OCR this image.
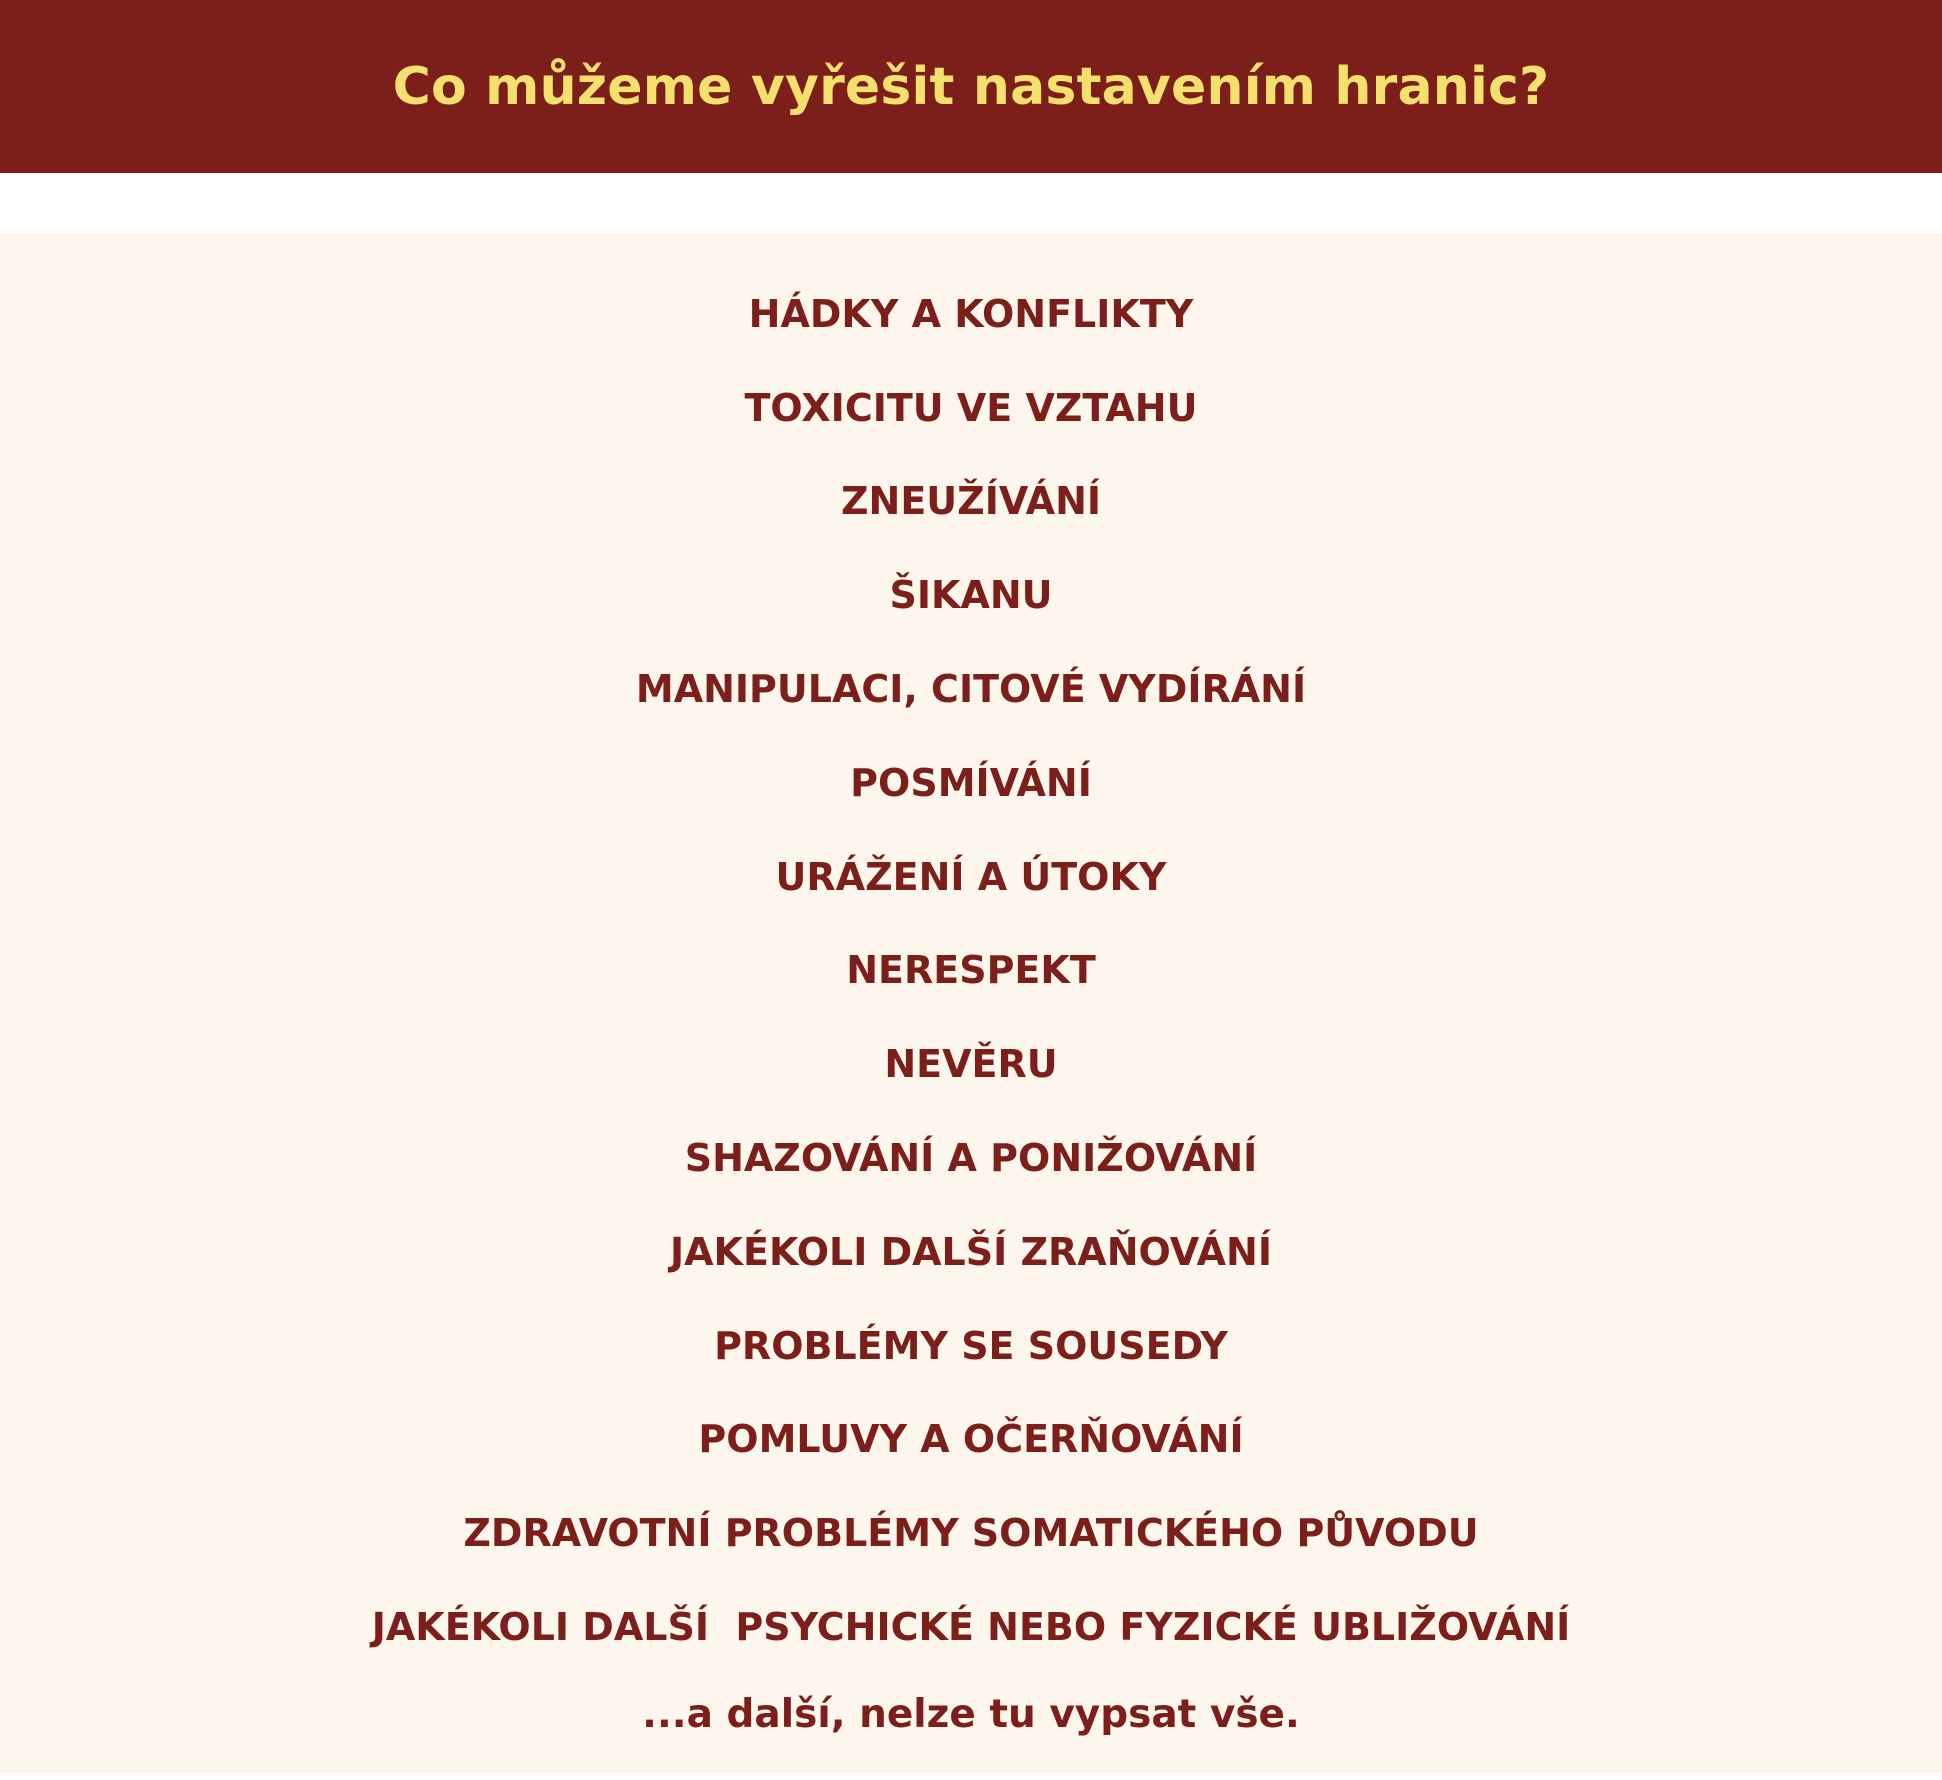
Co můžeme vyřešit nastavením hranic?
HÁDKY A KONFLIKTY
TOXICITU VE VZTAHU
ZNEUŽÍVÁNÍ
ŠIKANU
MANIPULACI, CITOVÉ VYDÍRÁNÍ
POSMÍVÁNÍ
URÁŽENÍ A ÚTOKY
NERESPEKT
NEVĚRU
SHAZOVÁNÍ A PONIŽOVÁNÍ
JAKÉKOLI DALŠÍ ZRAŇOVÁNÍ
PROBLÉMY SE SOUSEDY
POMLUVY A OČERŇOVÁNÍ
ZDRAVOTNÍ PROBLÉMY SOMATICKÉHO PŮVODU
JAKÉKOLI DALŠÍ  PSYCHICKÉ NEBO FYZICKÉ UBLIŽOVÁNÍ

...a další, nelze tu vypsat vše.
